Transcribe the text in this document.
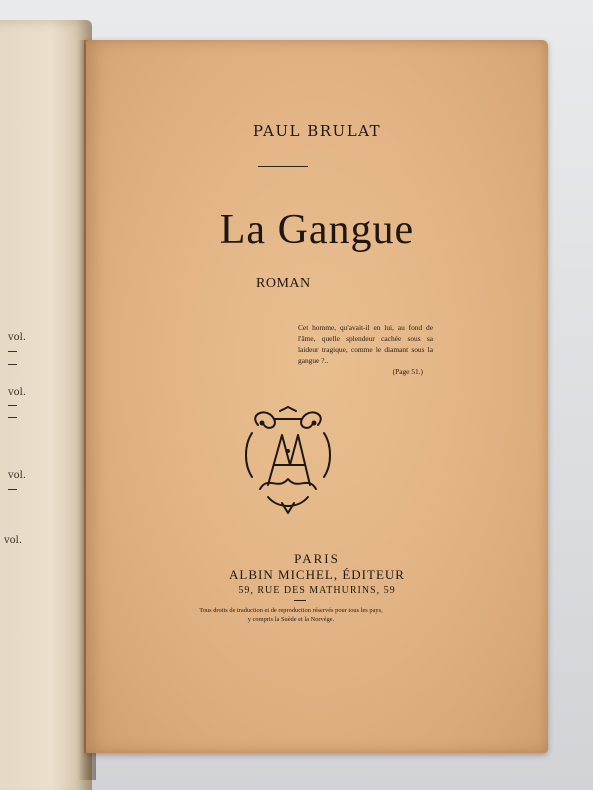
vol.
vol.
vol.
vol.
PAUL BRULAT
La Gangue
ROMAN
Cet homme, qu'avait-il en lui, au fond de l'âme, quelle splendeur cachée sous sa laideur tragique, comme le diamant sous la gangue ?..
(Page 51.)
PARIS
ALBIN MICHEL, ÉDITEUR
59, RUE DES MATHURINS, 59
Tous droits de traduction et de reproduction réservés pour tous les pays,
y compris la Suède et la Norvège.
